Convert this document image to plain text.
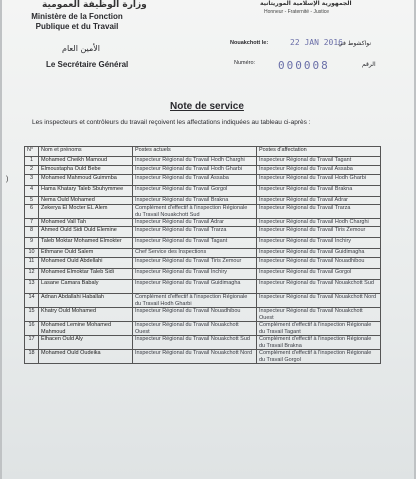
وزارة الوظيفة العمومية	الجمهورية الإسلامية الموريتانية
Honneur - Fraternité - Justice
Ministère de la Fonction Publique et du Travail
الأمين العام
Le Secrétaire Général
Nouakchott le:	22 JAN 2016
نواكشوط في
Numéro: 000008	الرقم
Note de service
Les inspecteurs et contrôleurs du travail reçoivent les affectations indiquées au tableau ci-après :
)
N°	Nom et prénoms	Postes actuels	Postes d'affectation
1	Mohamed Cheikh Mamoud	Inspecteur Régional du Travail Hodh Charghi	Inspecteur Régional du Travail Tagant
2	Elmoustapha Ould Bebe	Inspecteur Régional du Travail Hodh Gharbi	Inspecteur Régional du Travail Assaba
3	Mohamed Mahmoud Guimmba	Inspecteur Régional du Travail Assaba	Inspecteur Régional du Travail Hodh Gharbi
4	Hama Khatary Taleb Sbuhymmee	Inspecteur Régional du Travail Gorgol	Inspecteur Régional du Travail Brakna
5	Nema Ould Mohamed	Inspecteur Régional du Travail Brakna	Inspecteur Régional du Travail Adrar
6	Zekerya El Mocter EL Alem	Complément d'effectif à l'inspection Régionale du Travail Nouakchott Sud	Inspecteur Régional du Travail Trarza
7	Mohamed Vall Tah	Inspecteur Régional du Travail Adrar	Inspecteur Régional du Travail Hodh Charghi
8	Ahmed Ould Sidi Ould Elemine	Inspecteur Régional du Travail Trarza	Inspecteur Régional du Travail Tiris Zemour
9	Taleb Moktar Mohamed Elmokter	Inspecteur Régional du Travail Tagant	Inspecteur Régional du Travail Inchiry
10	Ethmane Ould Salem	Chef Service des Inspections	Inspecteur Régional du Travail Guidimagha
11	Mohamed Ould Abdellahi	Inspecteur Régional du Travail Tiris Zemour	Inspecteur Régional du Travail Nouadhibou
12	Mohamed Elmoktar Taleb Sidi	Inspecteur Régional du Travail Inchiry	Inspecteur Régional du Travail Gorgol
13	Lasane Camara Babaly	Inspecteur Régional du Travail Guidimagha	Inspecteur Régional du Travail Nouakchott Sud
14	Adnan Abdallahi Haballah	Complément d'effectif à l'inspection Régionale du Travail Hodh Gharbi	Inspecteur Régional du Travail Nouakchott Nord
15	Khatry Ould Mohamed	Inspecteur Régional du Travail Nouadhibou	Inspecteur Régional du Travail Nouakchott Ouest
16	Mohamed Lemine Mohamed Mahmoud	Inspecteur Régional du Travail Nouakchott Ouest	Complément d'effectif à l'inspection Régionale du Travail Tagant
17	Elhacen Ould Aly	Inspecteur Régional du Travail Nouakchott Sud	Complément d'effectif à l'inspection Régionale du Travail Brakna
18	Mohamed Ould Oudeika	Inspecteur Régional du Travail Nouakchott Nord	Complément d'effectif à l'inspection Régionale du Travail Gorgol
